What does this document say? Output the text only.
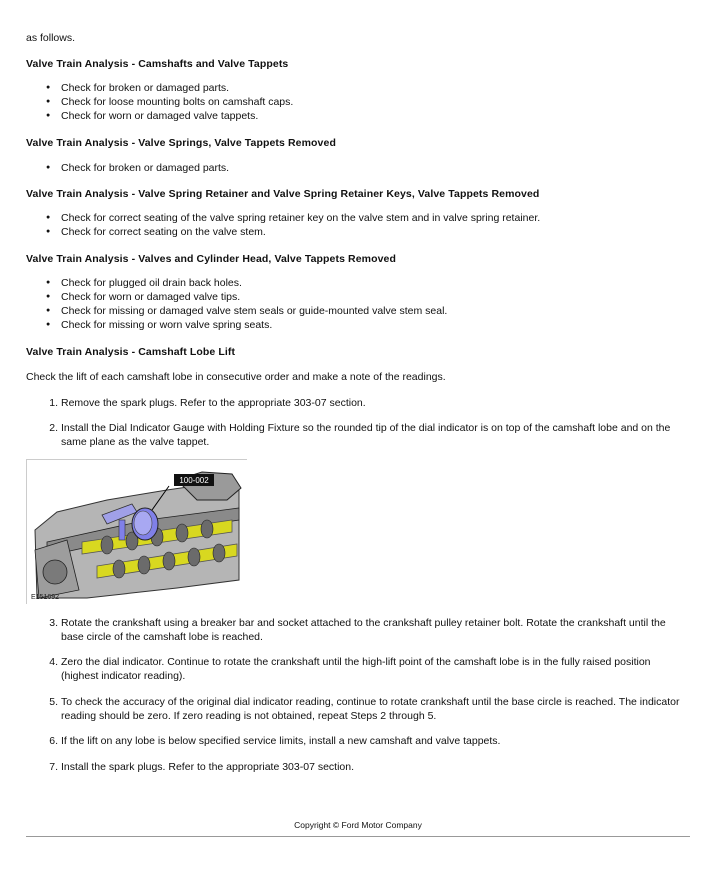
as follows.
Valve Train Analysis - Camshafts and Valve Tappets
● Check for broken or damaged parts.
● Check for loose mounting bolts on camshaft caps.
● Check for worn or damaged valve tappets.
Valve Train Analysis - Valve Springs, Valve Tappets Removed
● Check for broken or damaged parts.
Valve Train Analysis - Valve Spring Retainer and Valve Spring Retainer Keys, Valve Tappets Removed
● Check for correct seating of the valve spring retainer key on the valve stem and in valve spring retainer.
● Check for correct seating on the valve stem.
Valve Train Analysis - Valves and Cylinder Head, Valve Tappets Removed
● Check for plugged oil drain back holes.
● Check for worn or damaged valve tips.
● Check for missing or damaged valve stem seals or guide-mounted valve stem seal.
● Check for missing or worn valve spring seats.
Valve Train Analysis - Camshaft Lobe Lift
Check the lift of each camshaft lobe in consecutive order and make a note of the readings.
1. Remove the spark plugs. Refer to the appropriate 303-07 section.
2. Install the Dial Indicator Gauge with Holding Fixture so the rounded tip of the dial indicator is on top of the camshaft lobe and on the same plane as the valve tappet.
3. Rotate the crankshaft using a breaker bar and socket attached to the crankshaft pulley retainer bolt. Rotate the crankshaft until the base circle of the camshaft lobe is reached.
4. Zero the dial indicator. Continue to rotate the crankshaft until the high-lift point of the camshaft lobe is in the fully raised position (highest indicator reading).
5. To check the accuracy of the original dial indicator reading, continue to rotate crankshaft until the base circle is reached. The indicator reading should be zero. If zero reading is not obtained, repeat Steps 2 through 5.
6. If the lift on any lobe is below specified service limits, install a new camshaft and valve tappets.
7. Install the spark plugs. Refer to the appropriate 303-07 section.
E151692
100-002
Copyright © Ford Motor Company
